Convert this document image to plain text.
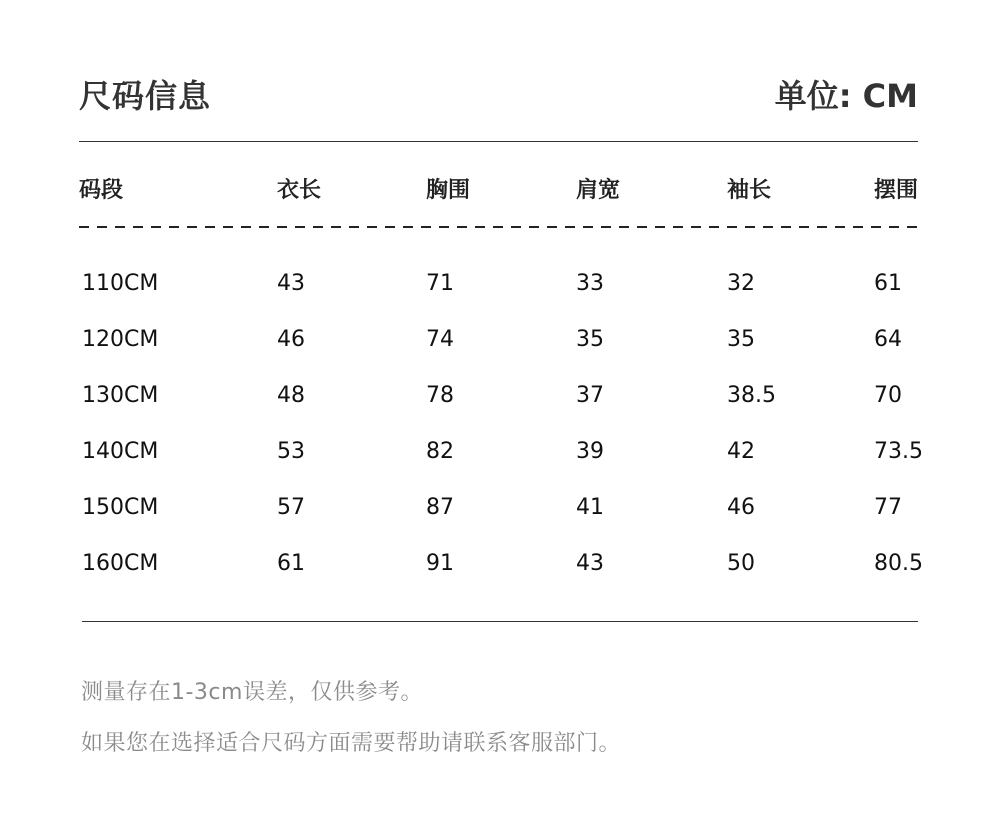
尺码信息	单位: CM
码段	衣长	胸围	肩宽	袖长	摆围

110CM	43	71	33	32	61
120CM	46	74	35	35	64
130CM	48	78	37	38.5	70
140CM	53	82	39	42	73.5
150CM	57	87	41	46	77
160CM	61	91	43	50	80.5
测量存在1-3cm误差，仅供参考。
如果您在选择适合尺码方面需要帮助请联系客服部门。
